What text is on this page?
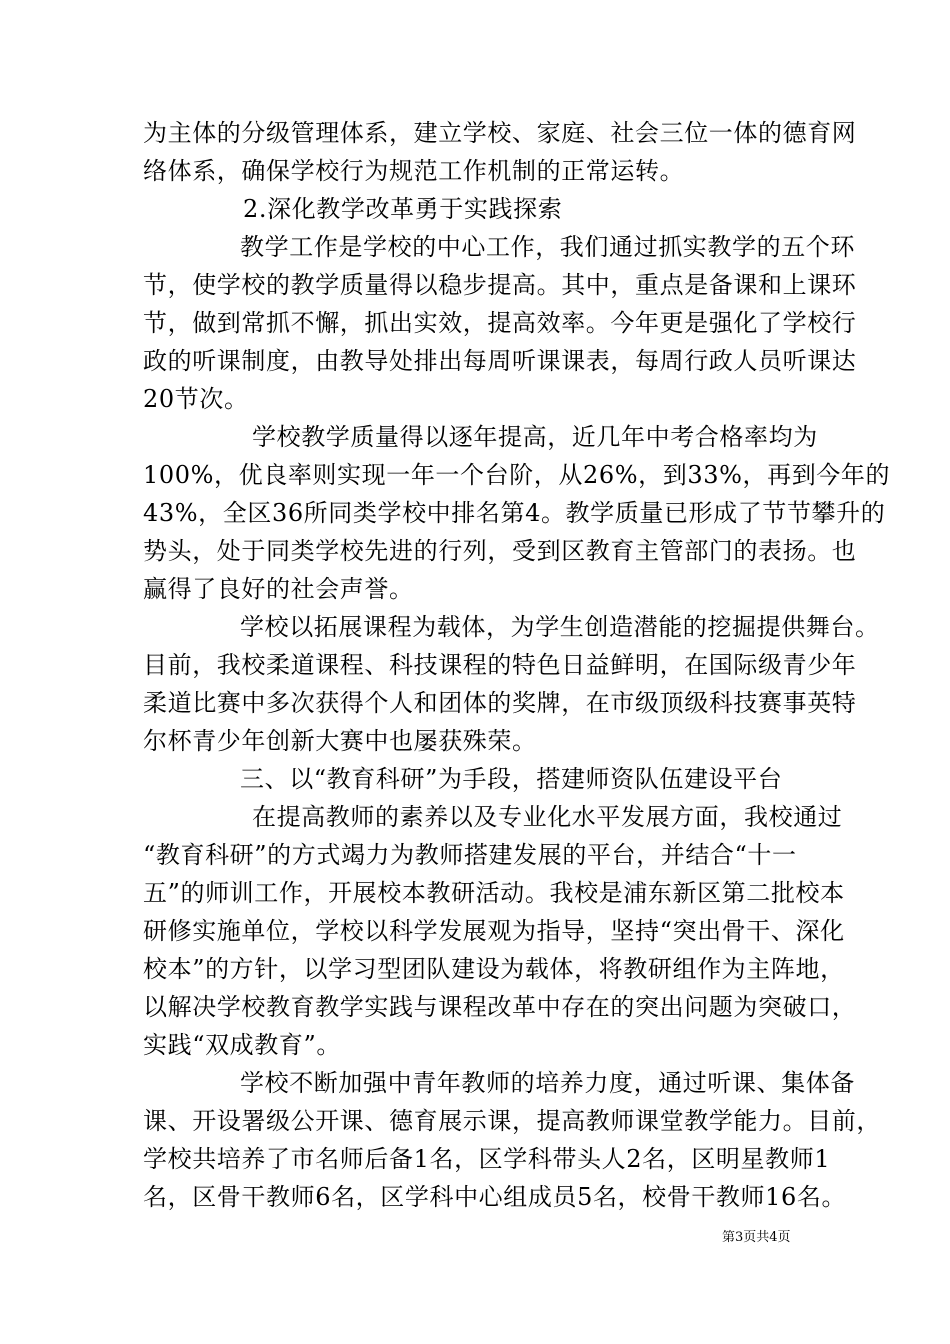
为主体的分级管理体系，建立学校、家庭、社会三位一体的德育网
络体系，确保学校行为规范工作机制的正常运转。
2.深化教学改革勇于实践探索
教学工作是学校的中心工作，我们通过抓实教学的五个环
节，使学校的教学质量得以稳步提高。其中，重点是备课和上课环
节，做到常抓不懈，抓出实效，提高效率。今年更是强化了学校行
政的听课制度，由教导处排出每周听课课表，每周行政人员听课达
20节次。
学校教学质量得以逐年提高，近几年中考合格率均为
100%，优良率则实现一年一个台阶，从26%，到33%，再到今年的
43%，全区36所同类学校中排名第4。教学质量已形成了节节攀升的
势头，处于同类学校先进的行列，受到区教育主管部门的表扬。也
赢得了良好的社会声誉。
学校以拓展课程为载体，为学生创造潜能的挖掘提供舞台。
目前，我校柔道课程、科技课程的特色日益鲜明，在国际级青少年
柔道比赛中多次获得个人和团体的奖牌，在市级顶级科技赛事英特
尔杯青少年创新大赛中也屡获殊荣。
三、以“教育科研”为手段，搭建师资队伍建设平台
在提高教师的素养以及专业化水平发展方面，我校通过
“教育科研”的方式竭力为教师搭建发展的平台，并结合“十一
五”的师训工作，开展校本教研活动。我校是浦东新区第二批校本
研修实施单位，学校以科学发展观为指导，坚持“突出骨干、深化
校本”的方针，以学习型团队建设为载体，将教研组作为主阵地，
以解决学校教育教学实践与课程改革中存在的突出问题为突破口，
实践“双成教育”。
学校不断加强中青年教师的培养力度，通过听课、集体备
课、开设署级公开课、德育展示课，提高教师课堂教学能力。目前，
学校共培养了市名师后备1名，区学科带头人2名，区明星教师1
名，区骨干教师6名，区学科中心组成员5名，校骨干教师16名。
第3页共4页
